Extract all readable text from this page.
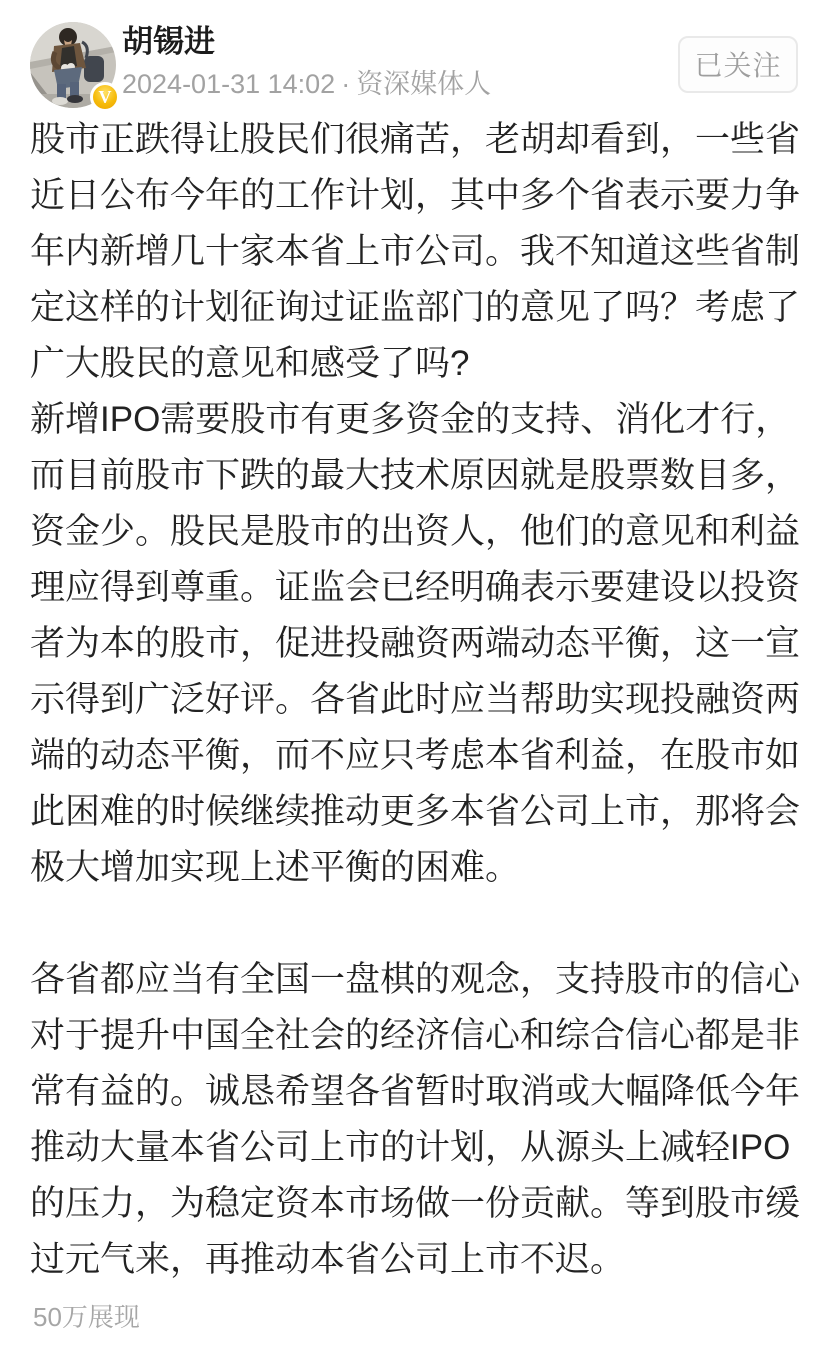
V
胡锡进
2024-01-31 14:02 · 资深媒体人
已关注
股市正跌得让股民们很痛苦，老胡却看到，一些省
近日公布今年的工作计划，其中多个省表示要力争
年内新增几十家本省上市公司。我不知道这些省制
定这样的计划征询过证监部门的意见了吗？考虑了
广大股民的意见和感受了吗?
新增IPO需要股市有更多资金的支持、消化才行，
而目前股市下跌的最大技术原因就是股票数目多，
资金少。股民是股市的出资人，他们的意见和利益
理应得到尊重。证监会已经明确表示要建设以投资
者为本的股市，促进投融资两端动态平衡，这一宣
示得到广泛好评。各省此时应当帮助实现投融资两
端的动态平衡，而不应只考虑本省利益，在股市如
此困难的时候继续推动更多本省公司上市，那将会
极大增加实现上述平衡的困难。
各省都应当有全国一盘棋的观念，支持股市的信心
对于提升中国全社会的经济信心和综合信心都是非
常有益的。诚恳希望各省暂时取消或大幅降低今年
推动大量本省公司上市的计划，从源头上减轻IPO
的压力，为稳定资本市场做一份贡献。等到股市缓
过元气来，再推动本省公司上市不迟。
50万展现
